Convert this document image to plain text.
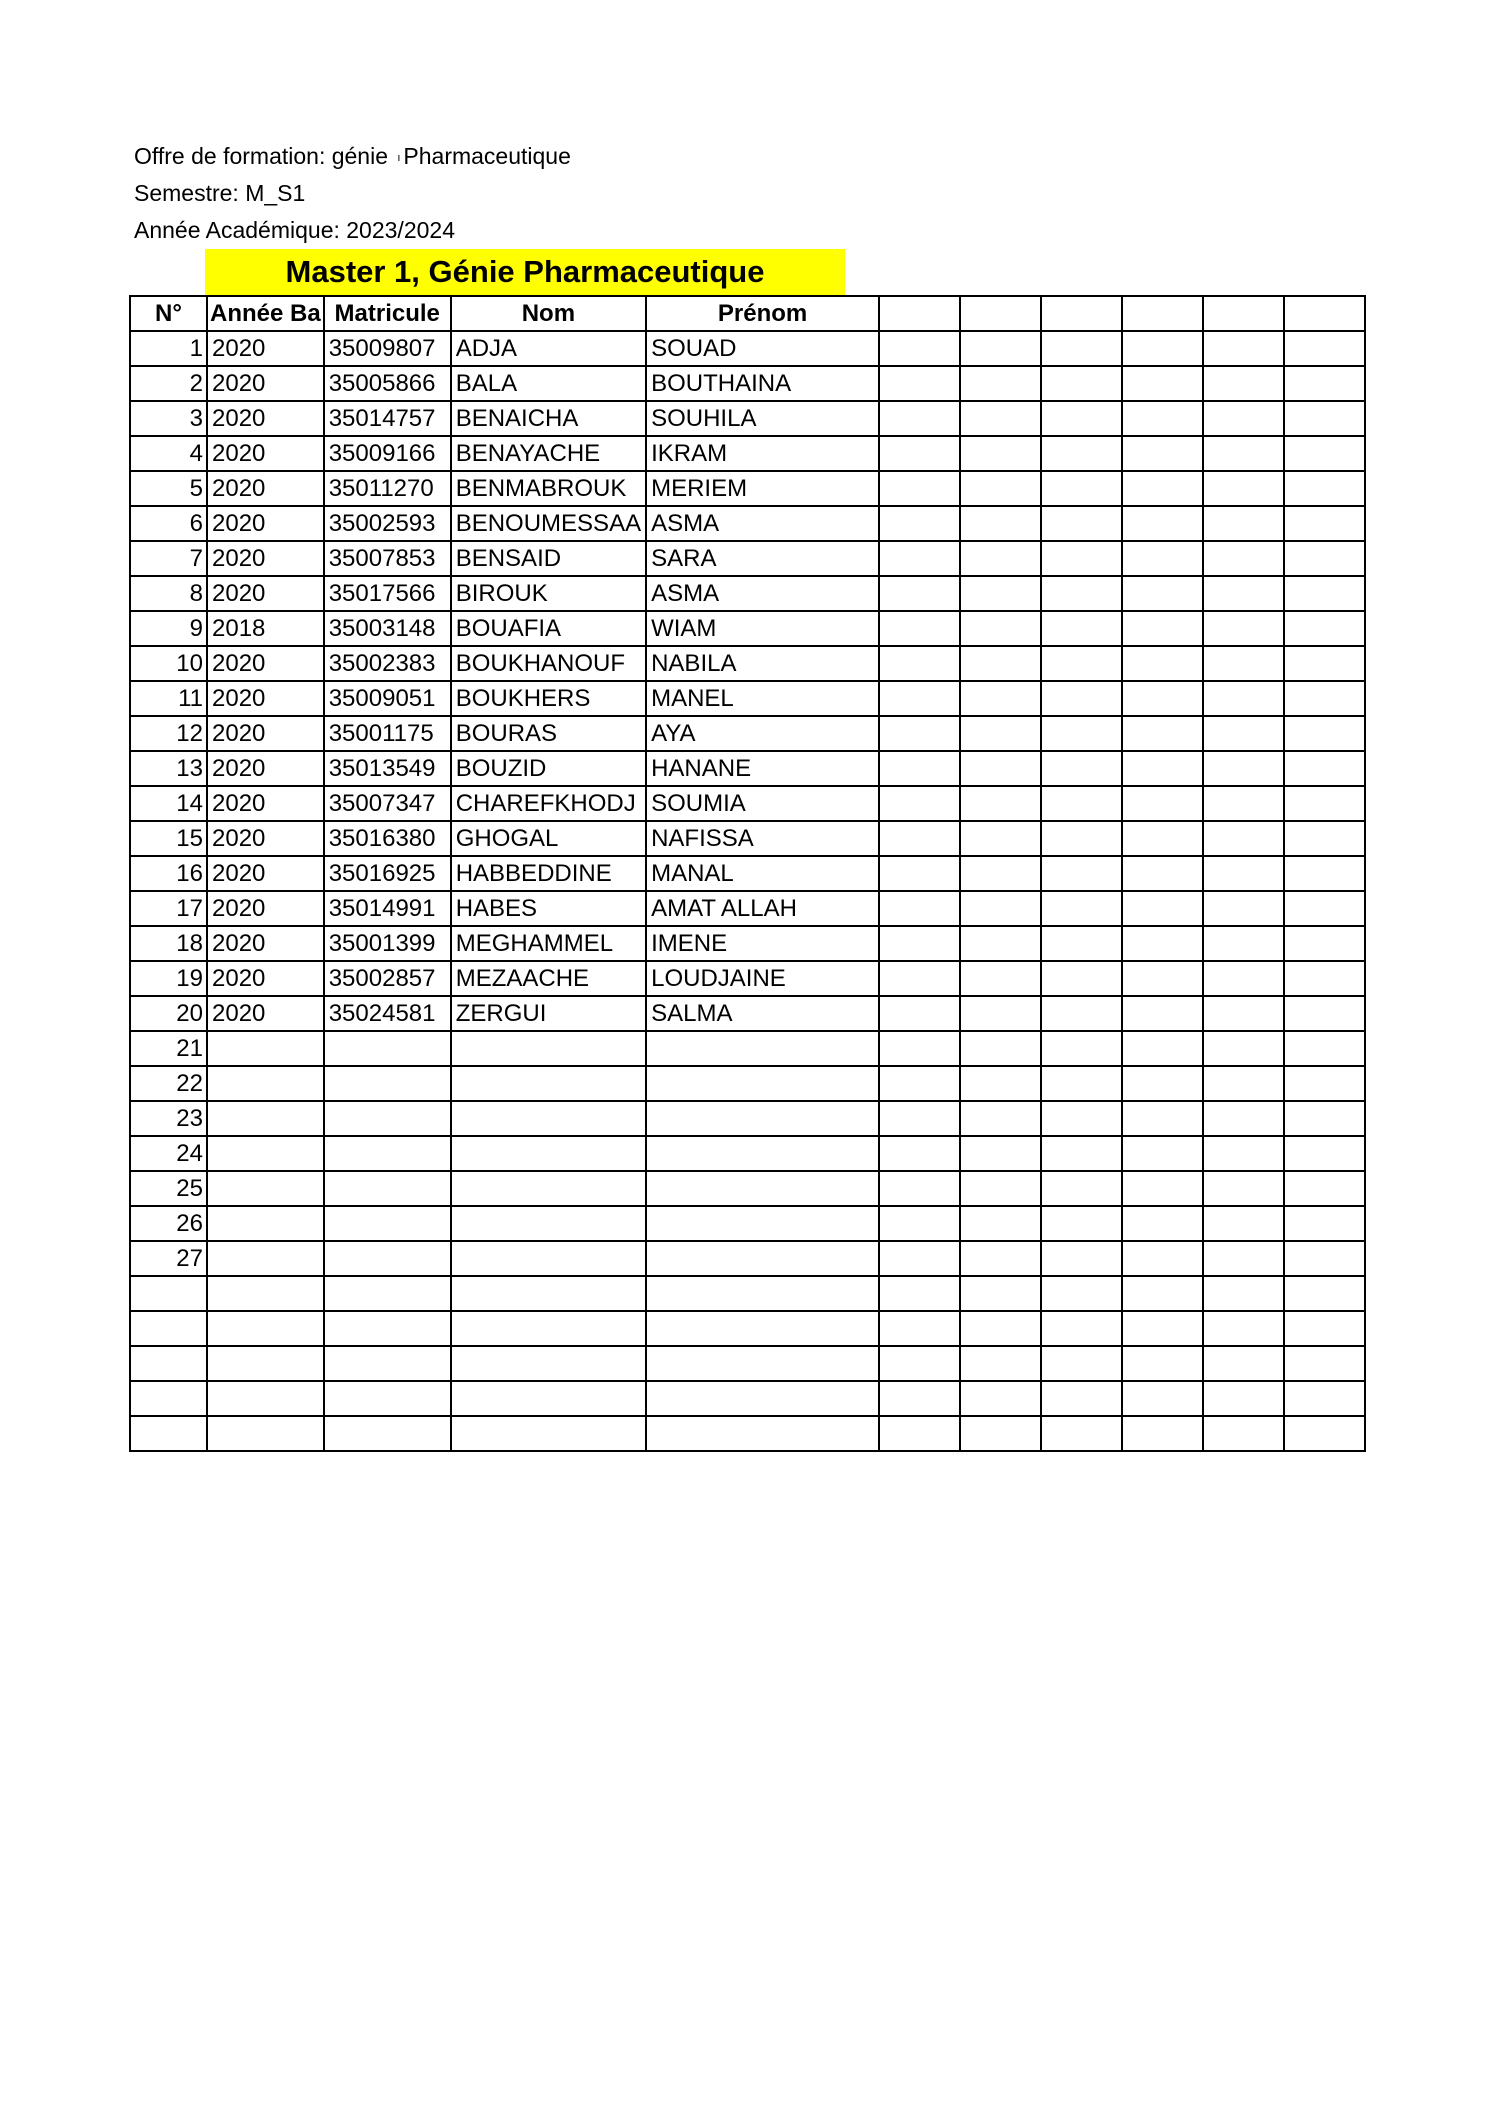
Offre de formation: génie ı Pharmaceutique
Semestre: M_S1
Année Académique: 2023/2024
Master 1, Génie Pharmaceutique
N°	Année Ba	Matricule	Nom	Prénom						
1	2020	35009807	ADJA	SOUAD						
2	2020	35005866	BALA	BOUTHAINA						
3	2020	35014757	BENAICHA	SOUHILA						
4	2020	35009166	BENAYACHE	IKRAM						
5	2020	35011270	BENMABROUK	MERIEM						
6	2020	35002593	BENOUMESSAA	ASMA						
7	2020	35007853	BENSAID	SARA						
8	2020	35017566	BIROUK	ASMA						
9	2018	35003148	BOUAFIA	WIAM						
10	2020	35002383	BOUKHANOUF	NABILA						
11	2020	35009051	BOUKHERS	MANEL						
12	2020	35001175	BOURAS	AYA						
13	2020	35013549	BOUZID	HANANE						
14	2020	35007347	CHAREFKHODJ	SOUMIA						
15	2020	35016380	GHOGAL	NAFISSA						
16	2020	35016925	HABBEDDINE	MANAL						
17	2020	35014991	HABES	AMAT ALLAH						
18	2020	35001399	MEGHAMMEL	IMENE						
19	2020	35002857	MEZAACHE	LOUDJAINE						
20	2020	35024581	ZERGUI	SALMA						
21										
22										
23										
24										
25										
26										
27										
